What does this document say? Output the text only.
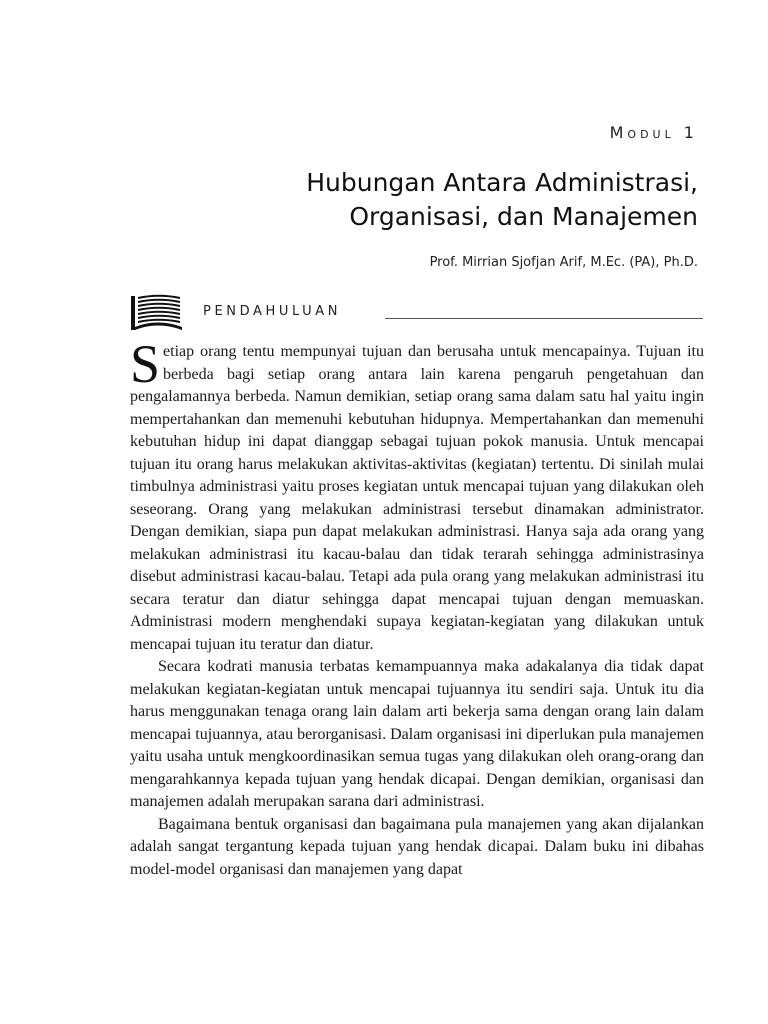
Modul 1
Hubungan Antara Administrasi,
Organisasi, dan Manajemen
Prof. Mirrian Sjofjan Arif, M.Ec. (PA), Ph.D.
PENDAHULUAN

Setiap orang tentu mempunyai tujuan dan berusaha untuk mencapainya. Tujuan itu berbeda bagi setiap orang antara lain karena pengaruh pengetahuan dan pengalamannya berbeda. Namun demikian, setiap orang sama dalam satu hal yaitu ingin mempertahankan dan memenuhi kebutuhan hidupnya. Mempertahankan dan memenuhi kebutuhan hidup ini dapat dianggap sebagai tujuan pokok manusia. Untuk mencapai tujuan itu orang harus melakukan aktivitas-aktivitas (kegiatan) tertentu. Di sinilah mulai timbulnya administrasi yaitu proses kegiatan untuk mencapai tujuan yang dilakukan oleh seseorang. Orang yang melakukan administrasi tersebut dinamakan administrator. Dengan demikian, siapa pun dapat melakukan administrasi. Hanya saja ada orang yang melakukan administrasi itu kacau-balau dan tidak terarah sehingga administrasinya disebut administrasi kacau-balau. Tetapi ada pula orang yang melakukan administrasi itu secara teratur dan diatur sehingga dapat mencapai tujuan dengan memuaskan. Administrasi modern menghendaki supaya kegiatan-kegiatan yang dilakukan untuk mencapai tujuan itu teratur dan diatur.

Secara kodrati manusia terbatas kemampuannya maka adakalanya dia tidak dapat melakukan kegiatan-kegiatan untuk mencapai tujuannya itu sendiri saja. Untuk itu dia harus menggunakan tenaga orang lain dalam arti bekerja sama dengan orang lain dalam mencapai tujuannya, atau berorganisasi. Dalam organisasi ini diperlukan pula manajemen yaitu usaha untuk mengkoordinasikan semua tugas yang dilakukan oleh orang-orang dan mengarahkannya kepada tujuan yang hendak dicapai. Dengan demikian, organisasi dan manajemen adalah merupakan sarana dari administrasi.

Bagaimana bentuk organisasi dan bagaimana pula manajemen yang akan dijalankan adalah sangat tergantung kepada tujuan yang hendak dicapai. Dalam buku ini dibahas model-model organisasi dan manajemen yang dapat
